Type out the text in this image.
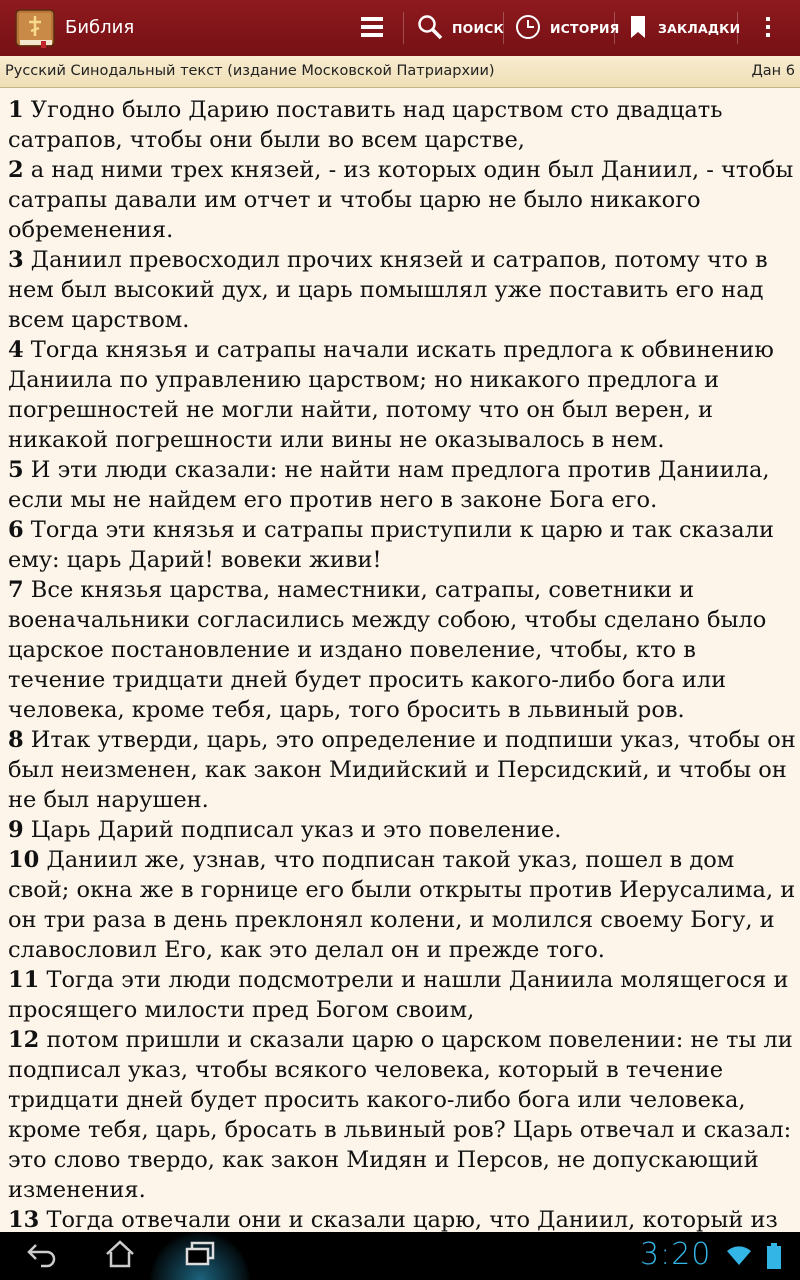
Библия	ПОИСК	ИСТОРИЯ	ЗАКЛАДКИ
Русский Синодальный текст (издание Московской Патриархии)	Дан 6
1 Угодно было Дарию поставить над царством сто двадцать сатрапов, чтобы они были во всем царстве,
2 а над ними трех князей, - из которых один был Даниил, - чтобы сатрапы давали им отчет и чтобы царю не было никакого обременения.
3 Даниил превосходил прочих князей и сатрапов, потому что в нем был высокий дух, и царь помышлял уже поставить его над всем царством.
4 Тогда князья и сатрапы начали искать предлога к обвинению Даниила по управлению царством; но никакого предлога и погрешностей не могли найти, потому что он был верен, и никакой погрешности или вины не оказывалось в нем.
5 И эти люди сказали: не найти нам предлога против Даниила, если мы не найдем его против него в законе Бога его.
6 Тогда эти князья и сатрапы приступили к царю и так сказали ему: царь Дарий! вовеки живи!
7 Все князья царства, наместники, сатрапы, советники и военачальники согласились между собою, чтобы сделано было царское постановление и издано повеление, чтобы, кто в течение тридцати дней будет просить какого-либо бога или человека, кроме тебя, царь, того бросить в львиный ров.
8 Итак утверди, царь, это определение и подпиши указ, чтобы он был неизменен, как закон Мидийский и Персидский, и чтобы он не был нарушен.
9 Царь Дарий подписал указ и это повеление.
10 Даниил же, узнав, что подписан такой указ, пошел в дом свой; окна же в горнице его были открыты против Иерусалима, и он три раза в день преклонял колени, и молился своему Богу, и славословил Его, как это делал он и прежде того.
11 Тогда эти люди подсмотрели и нашли Даниила молящегося и просящего милости пред Богом своим,
12 потом пришли и сказали царю о царском повелении: не ты ли подписал указ, чтобы всякого человека, который в течение тридцати дней будет просить какого-либо бога или человека, кроме тебя, царь, бросать в львиный ров? Царь отвечал и сказал: это слово твердо, как закон Мидян и Персов, не допускающий изменения.
13 Тогда отвечали они и сказали царю, что Даниил, который из

3:20
